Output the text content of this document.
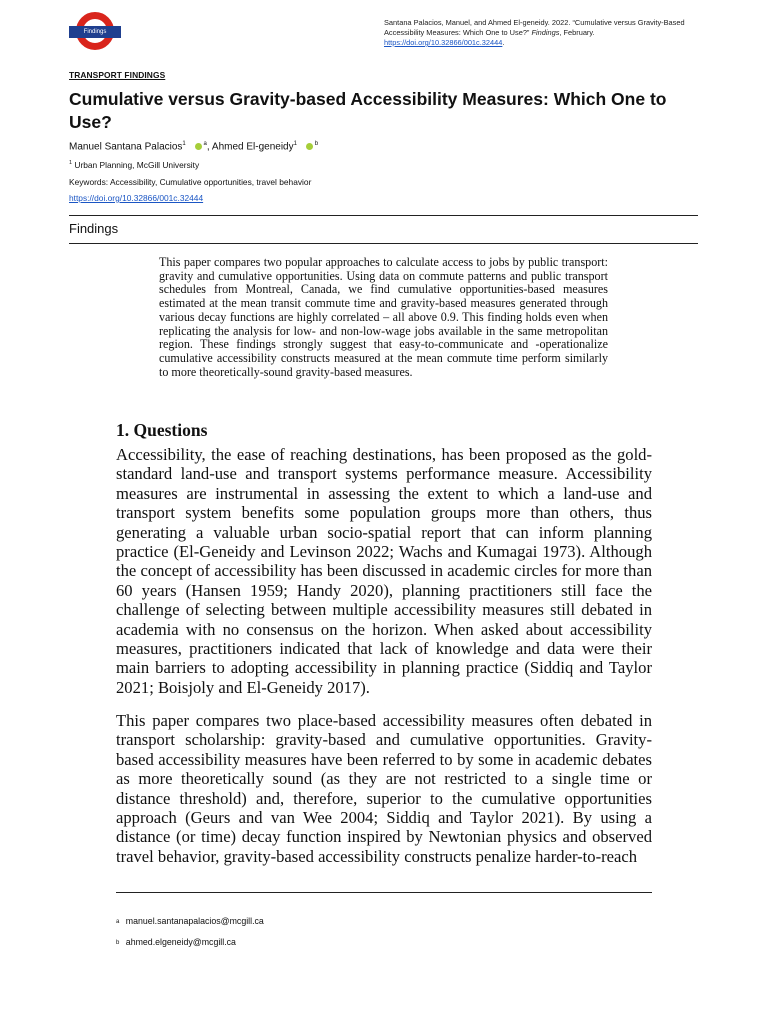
Findings
Santana Palacios, Manuel, and Ahmed El-geneidy. 2022. “Cumulative versus Gravity-Based Accessibility Measures: Which One to Use?” Findings, February.
https://doi.org/10.32866/001c.32444.
TRANSPORT FINDINGS
Cumulative versus Gravity-based Accessibility Measures: Which One to Use?
Manuel Santana Palacios$^1$	$^a$, Ahmed El-geneidy$^1$	$^b$
$^1$ Urban Planning, McGill University
Keywords: Accessibility, Cumulative opportunities, travel behavior
https://doi.org/10.32866/001c.32444
Findings

This paper compares two popular approaches to calculate access to jobs by public transport: gravity and cumulative opportunities. Using data on commute patterns and public transport schedules from Montreal, Canada, we find cumulative opportunities-based measures estimated at the mean transit commute time and gravity-based measures generated through various decay functions are highly correlated – all above 0.9. This finding holds even when replicating the analysis for low- and non-low-wage jobs available in the same metropolitan region. These findings strongly suggest that easy-to-communicate and -operationalize cumulative accessibility constructs measured at the mean commute time perform similarly to more theoretically-sound gravity-based measures.

1. Questions

Accessibility, the ease of reaching destinations, has been proposed as the gold-standard land-use and transport systems performance measure. Accessibility measures are instrumental in assessing the extent to which a land-use and transport system benefits some population groups more than others, thus generating a valuable urban socio-spatial report that can inform planning practice (El-Geneidy and Levinson 2022; Wachs and Kumagai 1973). Although the concept of accessibility has been discussed in academic circles for more than 60 years (Hansen 1959; Handy 2020), planning practitioners still face the challenge of selecting between multiple accessibility measures still debated in academia with no consensus on the horizon. When asked about accessibility measures, practitioners indicated that lack of knowledge and data were their main barriers to adopting accessibility in planning practice (Siddiq and Taylor 2021; Boisjoly and El-Geneidy 2017).

This paper compares two place-based accessibility measures often debated in transport scholarship: gravity-based and cumulative opportunities. Gravity-based accessibility measures have been referred to by some in academic debates as more theoretically sound (as they are not restricted to a single time or distance threshold) and, therefore, superior to the cumulative opportunities approach (Geurs and van Wee 2004; Siddiq and Taylor 2021). By using a distance (or time) decay function inspired by Newtonian physics and observed travel behavior, gravity-based accessibility constructs penalize harder-to-reach

a manuel.santanapalacios@mcgill.ca
b ahmed.elgeneidy@mcgill.ca
